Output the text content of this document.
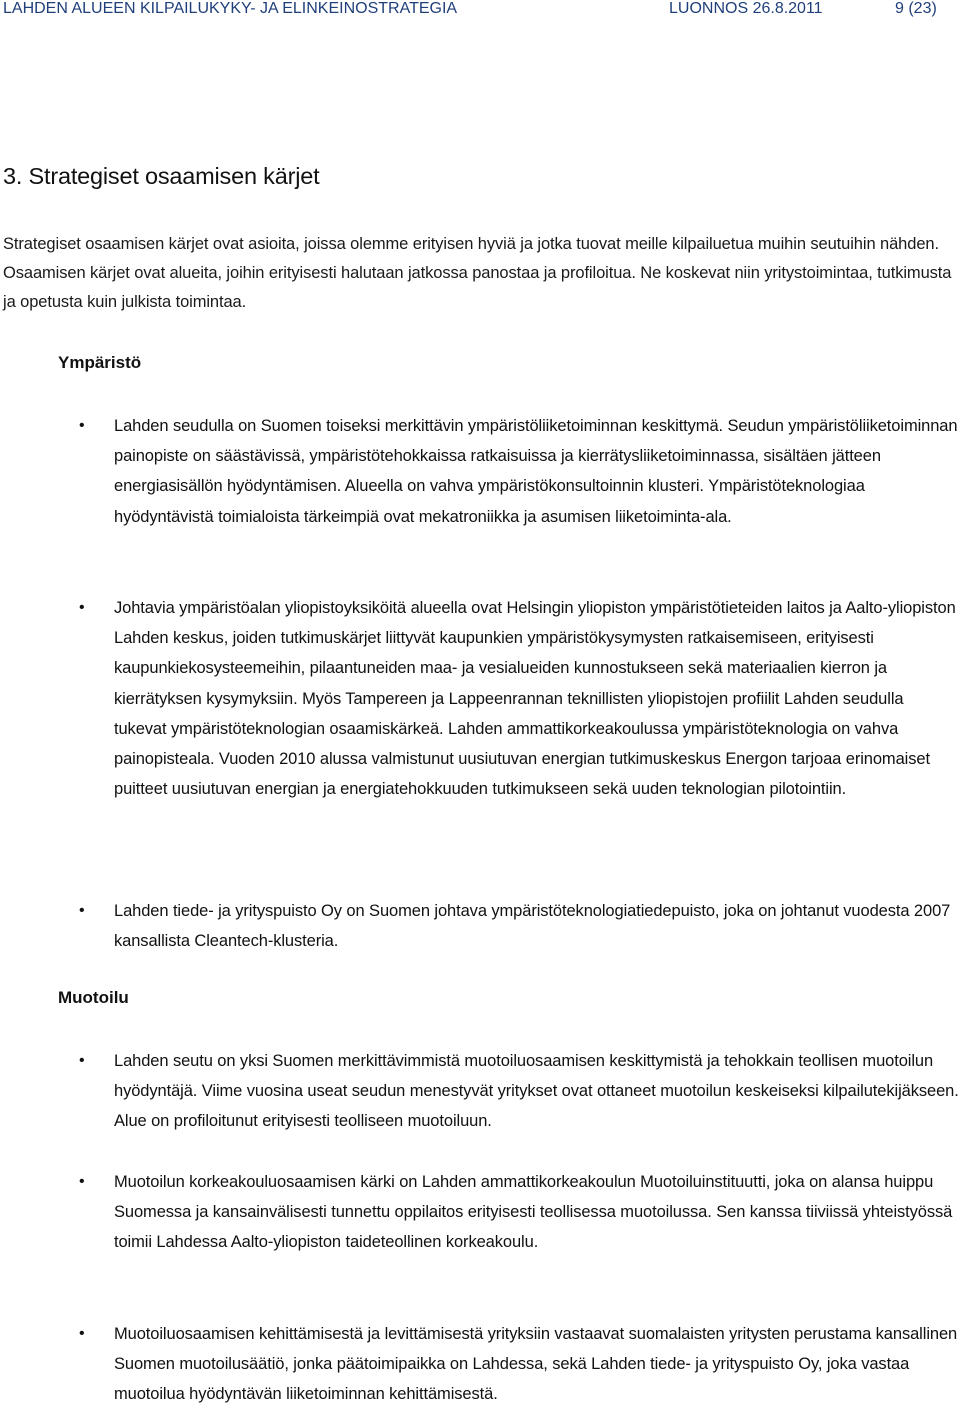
LAHDEN ALUEEN KILPAILUKYKY- JA ELINKEINOSTRATEGIA	LUONNOS 26.8.2011	9 (23)
3. Strategiset osaamisen kärjet

Strategiset osaamisen kärjet ovat asioita, joissa olemme erityisen hyviä ja jotka tuovat meille kilpailuetua muihin seutuihin nähden. Osaamisen kärjet ovat alueita, joihin erityisesti halutaan jatkossa panostaa ja profiloitua. Ne koskevat niin yritystoimintaa, tutkimusta ja opetusta kuin julkista toimintaa.

Ympäristö
• Lahden seudulla on Suomen toiseksi merkittävin ympäristöliiketoiminnan keskittymä. Seudun ympäristöliiketoiminnan painopiste on säästävissä, ympäristötehokkaissa ratkaisuissa ja kierrätysliiketoiminnassa, sisältäen jätteen energiasisällön hyödyntämisen. Alueella on vahva ympäristökonsultoinnin klusteri. Ympäristöteknologiaa hyödyntävistä toimialoista tärkeimpiä ovat mekatroniikka ja asumisen liiketoiminta-ala.
• Johtavia ympäristöalan yliopistoyksiköitä alueella ovat Helsingin yliopiston ympäristötieteiden laitos ja Aalto-yliopiston Lahden keskus, joiden tutkimuskärjet liittyvät kaupunkien ympäristökysymysten ratkaisemiseen, erityisesti kaupunkiekosysteemeihin, pilaantuneiden maa- ja vesialueiden kunnostukseen sekä materiaalien kierron ja kierrätyksen kysymyksiin. Myös Tampereen ja Lappeenrannan teknillisten yliopistojen profiilit Lahden seudulla tukevat ympäristöteknologian osaamiskärkeä. Lahden ammattikorkeakoulussa ympäristöteknologia on vahva painopisteala. Vuoden 2010 alussa valmistunut uusiutuvan energian tutkimuskeskus Energon tarjoaa erinomaiset puitteet uusiutuvan energian ja energiatehokkuuden tutkimukseen sekä uuden teknologian pilotointiin.
• Lahden tiede- ja yrityspuisto Oy on Suomen johtava ympäristöteknologiatiedepuisto, joka on johtanut vuodesta 2007 kansallista Cleantech-klusteria.
Muotoilu
• Lahden seutu on yksi Suomen merkittävimmistä muotoiluosaamisen keskittymistä ja tehokkain teollisen muotoilun hyödyntäjä. Viime vuosina useat seudun menestyvät yritykset ovat ottaneet muotoilun keskeiseksi kilpailutekijäkseen. Alue on profiloitunut erityisesti teolliseen muotoiluun.
• Muotoilun korkeakouluosaamisen kärki on Lahden ammattikorkeakoulun Muotoiluinstituutti, joka on alansa huippu Suomessa ja kansainvälisesti tunnettu oppilaitos erityisesti teollisessa muotoilussa. Sen kanssa tiiviissä yhteistyössä toimii Lahdessa Aalto-yliopiston taideteollinen korkeakoulu.
• Muotoiluosaamisen kehittämisestä ja levittämisestä yrityksiin vastaavat suomalaisten yritysten perustama kansallinen Suomen muotoilusäätiö, jonka päätoimipaikka on Lahdessa, sekä Lahden tiede- ja yrityspuisto Oy, joka vastaa muotoilua hyödyntävän liiketoiminnan kehittämisestä.
